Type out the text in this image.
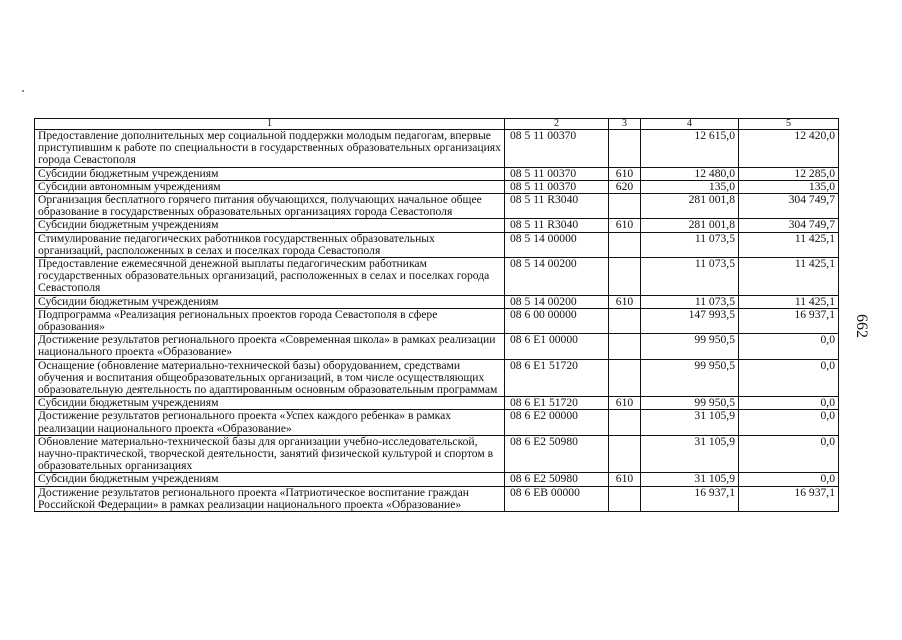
1	2	3	4	5
Предоставление дополнительных мер социальной поддержки молодым педагогам, впервые приступившим к работе по специальности в государственных образовательных организациях города Севастополя	08 5 11 00370		12 615,0	12 420,0
Субсидии бюджетным учреждениям	08 5 11 00370	610	12 480,0	12 285,0
Субсидии автономным учреждениям	08 5 11 00370	620	135,0	135,0
Организация бесплатного горячего питания обучающихся, получающих начальное общее образование в государственных образовательных организациях города Севастополя	08 5 11 R3040		281 001,8	304 749,7
Субсидии бюджетным учреждениям	08 5 11 R3040	610	281 001,8	304 749,7
Стимулирование педагогических работников государственных образовательных организаций, расположенных в селах и поселках города Севастополя	08 5 14 00000		11 073,5	11 425,1
Предоставление ежемесячной денежной выплаты педагогическим работникам государственных образовательных организаций, расположенных в селах и поселках города Севастополя	08 5 14 00200		11 073,5	11 425,1
Субсидии бюджетным учреждениям	08 5 14 00200	610	11 073,5	11 425,1
Подпрограмма «Реализация региональных проектов города Севастополя в сфере образования»	08 6 00 00000		147 993,5	16 937,1
Достижение результатов регионального проекта «Современная школа» в рамках реализации национального проекта «Образование»	08 6 E1 00000		99 950,5	0,0
Оснащение (обновление материально-технической базы) оборудованием, средствами обучения и воспитания общеобразовательных организаций, в том числе осуществляющих образовательную деятельность по адаптированным основным образовательным программам	08 6 E1 51720		99 950,5	0,0
Субсидии бюджетным учреждениям	08 6 E1 51720	610	99 950,5	0,0
Достижение результатов регионального проекта «Успех каждого ребенка» в рамках реализации национального проекта «Образование»	08 6 E2 00000		31 105,9	0,0
Обновление материально-технической базы для организации учебно-исследовательской, научно-практической, творческой деятельности, занятий физической культурой и спортом в образовательных организациях	08 6 E2 50980		31 105,9	0,0
Субсидии бюджетным учреждениям	08 6 E2 50980	610	31 105,9	0,0
Достижение результатов регионального проекта «Патриотическое воспитание граждан Российской Федерации» в рамках реализации национального проекта «Образование»	08 6 EB 00000		16 937,1	16 937,1
662
